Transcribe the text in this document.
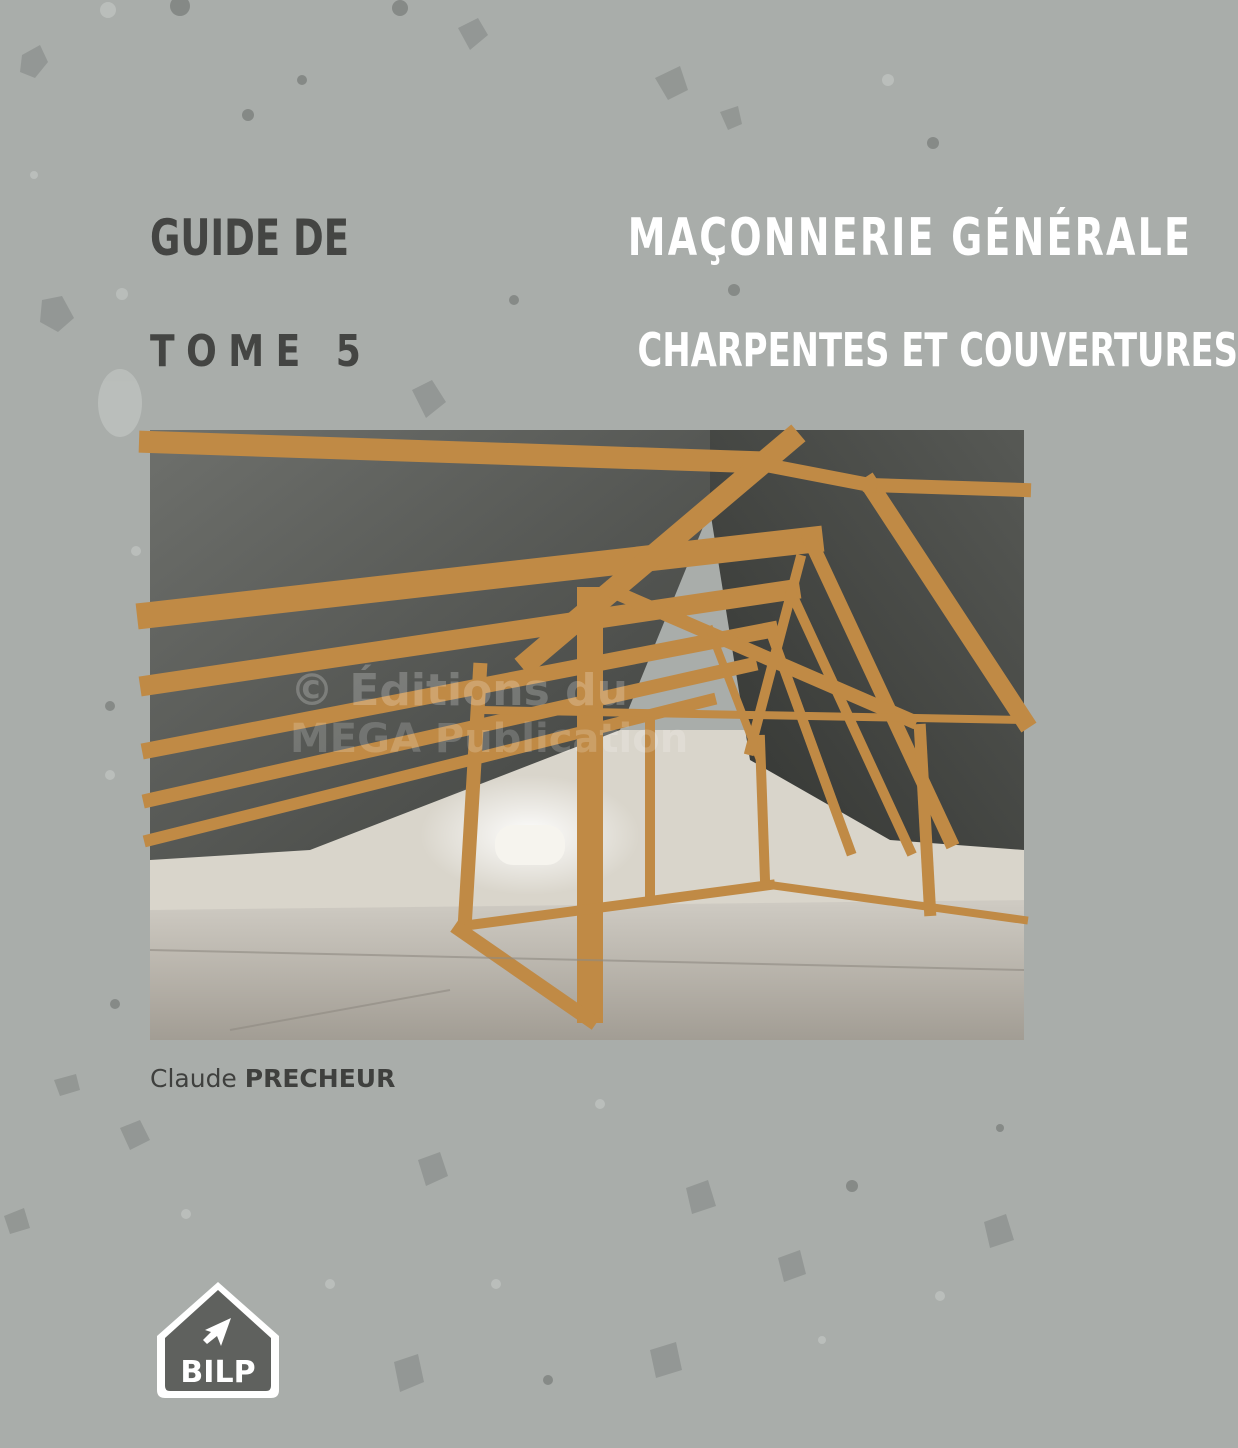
GUIDE DE	MAÇONNERIE GÉNÉRALE
TOME 5	CHARPENTES ET COUVERTURES
© Éditions du
MEGA Publication
Claude PRECHEUR
BILP
